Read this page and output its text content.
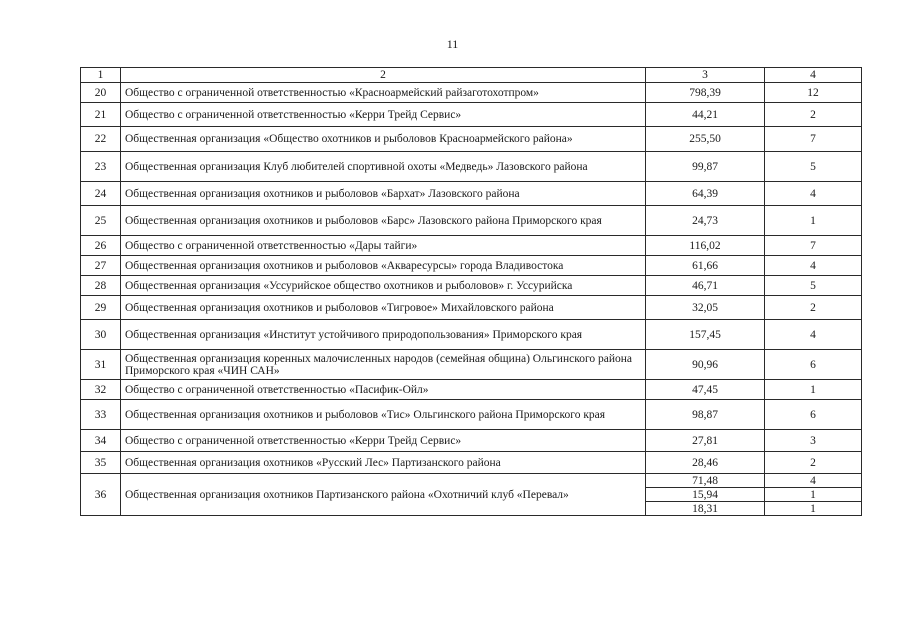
11
1	2	3	4
20	Общество с ограниченной ответственностью «Красноармейский райзаготохотпром»	798,39	12
21	Общество с ограниченной ответственностью «Керри Трейд Сервис»	44,21	2
22	Общественная организация «Общество охотников и рыболовов Красноармейского района»	255,50	7
23	Общественная организация Клуб любителей спортивной охоты «Медведь» Лазовского района	99,87	5
24	Общественная организация охотников и рыболовов «Бархат» Лазовского района	64,39	4
25	Общественная организация охотников и рыболовов «Барс» Лазовского района Приморского края	24,73	1
26	Общество с ограниченной ответственностью «Дары тайги»	116,02	7
27	Общественная организация охотников и рыболовов «Акваресурсы» города Владивостока	61,66	4
28	Общественная организация «Уссурийское общество охотников и рыболовов» г. Уссурийска	46,71	5
29	Общественная организация охотников и рыболовов «Тигровое» Михайловского района	32,05	2
30	Общественная организация «Институт устойчивого природопользования» Приморского края	157,45	4
31	Общественная организация коренных малочисленных народов (семейная община) Ольгинского района Приморского края «ЧИН САН»	90,96	6
32	Общество с ограниченной ответственностью «Пасифик-Ойл»	47,45	1
33	Общественная организация охотников и рыболовов «Тис» Ольгинского района Приморского края	98,87	6
34	Общество с ограниченной ответственностью «Керри Трейд Сервис»	27,81	3
35	Общественная организация охотников «Русский Лес» Партизанского района	28,46	2
36	Общественная организация охотников Партизанского района «Охотничий клуб «Перевал»	71,48	4
		15,94	1
		18,31	1
